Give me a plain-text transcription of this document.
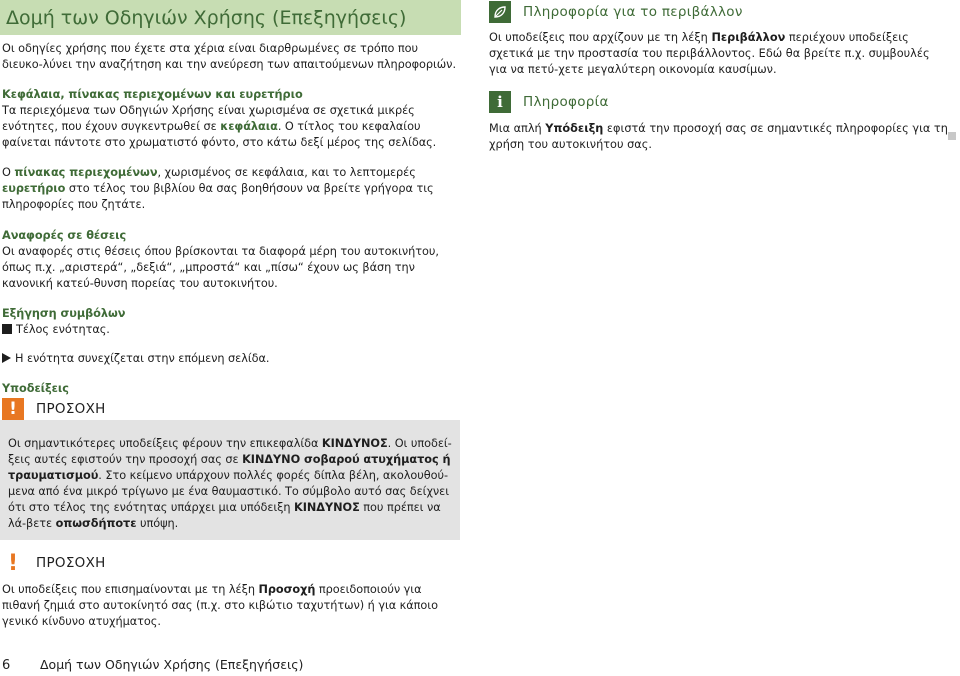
Δομή των Οδηγιών Χρήσης (Επεξηγήσεις)

Οι οδηγίες χρήσης που έχετε στα χέρια είναι διαρθρωμένες σε τρόπο που διευκο-λύνει την αναζήτηση και την ανεύρεση των απαιτούμενων πληροφοριών.

Κεφάλαια, πίνακας περιεχομένων και ευρετήριο

Τα περιεχόμενα των Οδηγιών Χρήσης είναι χωρισμένα σε σχετικά μικρές ενότητες, που έχουν συγκεντρωθεί σε κεφάλαια. Ο τίτλος του κεφαλαίου φαίνεται πάντοτε στο χρωματιστό φόντο, στο κάτω δεξί μέρος της σελίδας.

Ο πίνακας περιεχομένων, χωρισμένος σε κεφάλαια, και το λεπτομερές ευρετήριο στο τέλος του βιβλίου θα σας βοηθήσουν να βρείτε γρήγορα τις πληροφορίες που ζητάτε.

Αναφορές σε θέσεις

Οι αναφορές στις θέσεις όπου βρίσκονται τα διαφορά μέρη του αυτοκινήτου, όπως π.χ. „αριστερά“, „δεξιά“, „μπροστά“ και „πίσω“ έχουν ως βάση την κανονική κατεύ-θυνση πορείας του αυτοκινήτου.

Εξήγηση συμβόλων

Τέλος ενότητας.

Η ενότητα συνεχίζεται στην επόμενη σελίδα.

Υποδείξεις

!	ΠΡΟΣΟΧΗ

Οι σημαντικότερες υποδείξεις φέρουν την επικεφαλίδα ΚΙΝΔΥΝΟΣ. Οι υποδεί-ξεις αυτές εφιστούν την προσοχή σας σε ΚΙΝΔΥΝΟ σοβαρού ατυχήματος ή τραυματισμού. Στο κείμενο υπάρχουν πολλές φορές δίπλα βέλη, ακολουθού-μενα από ένα μικρό τρίγωνο με ένα θαυμαστικό. Το σύμβολο αυτό σας δείχνει ότι στο τέλος της ενότητας υπάρχει μια υπόδειξη ΚΙΝΔΥΝΟΣ που πρέπει να λά-βετε οπωσδήποτε υπόψη.

!	ΠΡΟΣΟΧΗ

Οι υποδείξεις που επισημαίνονται με τη λέξη Προσοχή προειδοποιούν για πιθανή ζημιά στο αυτοκίνητό σας (π.χ. στο κιβώτιο ταχυτήτων) ή για κάποιο γενικό κίνδυνο ατυχήματος.

Πληροφορία για το περιβάλλον

Οι υποδείξεις που αρχίζουν με τη λέξη Περιβάλλον περιέχουν υποδείξεις σχετικά με την προστασία του περιβάλλοντος. Εδώ θα βρείτε π.χ. συμβουλές για να πετύ-χετε μεγαλύτερη οικονομία καυσίμων.

i	Πληροφορία

Μια απλή Υπόδειξη εφιστά την προσοχή σας σε σημαντικές πληροφορίες για τη χρήση του αυτοκινήτου σας.

6 Δομή των Οδηγιών Χρήσης (Επεξηγήσεις)
